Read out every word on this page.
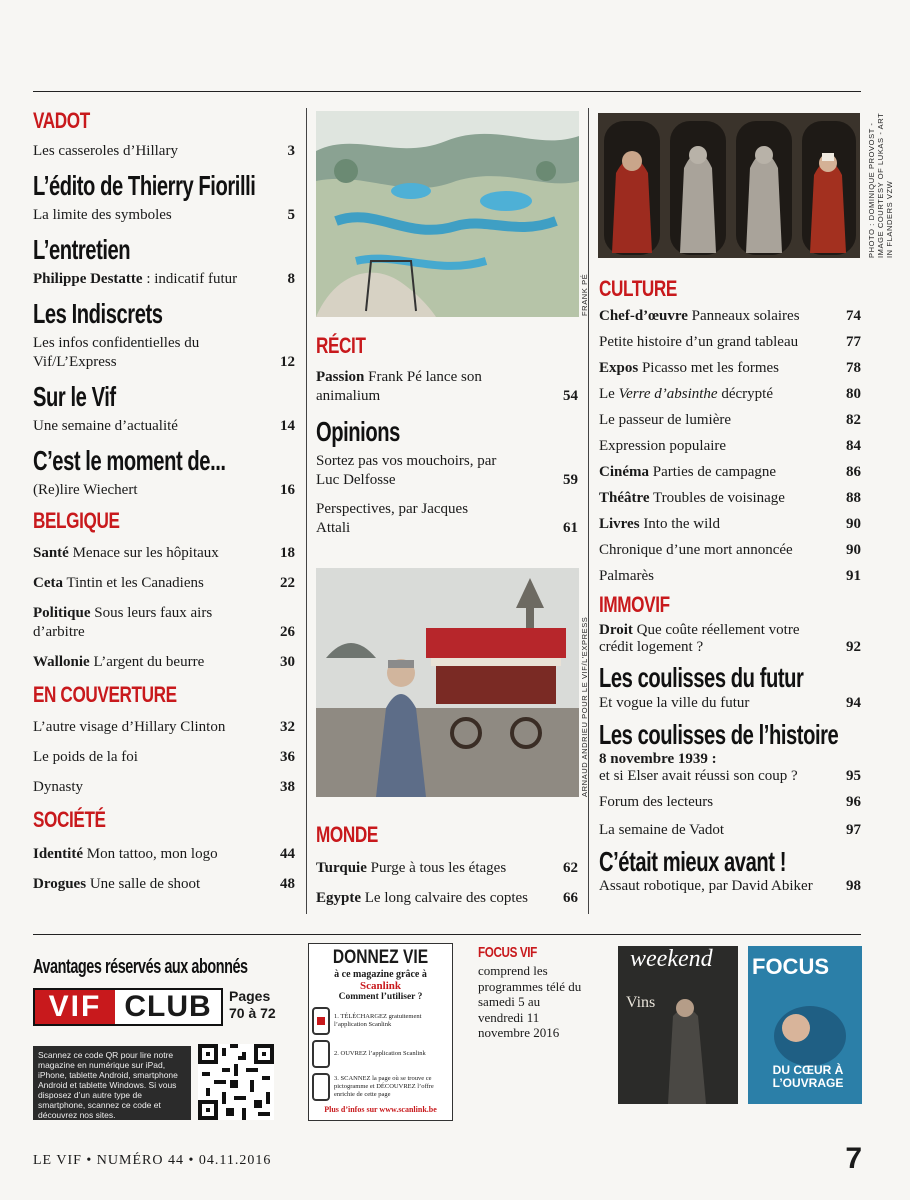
VADOT
Les casseroles d’Hillary	3
L’édito de Thierry Fiorilli
La limite des symboles	5
L’entretien
Philippe Destatte : indicatif futur	8
Les Indiscrets
Les infos confidentielles du Vif/L’Express	12
Sur le Vif
Une semaine d’actualité	14
C’est le moment de...
(Re)lire Wiechert	16
BELGIQUE
Santé Menace sur les hôpitaux	18
Ceta Tintin et les Canadiens	22
Politique Sous leurs faux airs d’arbitre	26
Wallonie L’argent du beurre	30
EN COUVERTURE
L’autre visage d’Hillary Clinton	32
Le poids de la foi	36
Dynasty	38
SOCIÉTÉ
Identité Mon tattoo, mon logo	44
Drogues Une salle de shoot	48
FRANK PÉ
RÉCIT
Passion Frank Pé lance son animalium	54
Opinions
Sortez pas vos mouchoirs, par Luc Delfosse	59
Perspectives, par Jacques Attali	61
ARNAUD ANDRIEU POUR LE VIF/L’EXPRESS
MONDE
Turquie Purge à tous les étages	62
Egypte Le long calvaire des coptes 66
PHOTO : DOMINIQUE PROVOST - IMAGE COURTESY OF LUKAS - ART IN FLANDERS VZW
CULTURE
Chef-d’œuvre Panneaux solaires	74
Petite histoire d’un grand tableau	77
Expos Picasso met les formes	78
Le Verre d’absinthe décrypté	80
Le passeur de lumière	82
Expression populaire	84
Cinéma Parties de campagne	86
Théâtre Troubles de voisinage	88
Livres Into the wild	90
Chronique d’une mort annoncée	90
Palmarès	91
IMMOVIF
Droit Que coûte réellement votre crédit logement ?	92
Les coulisses du futur
Et vogue la ville du futur	94
Les coulisses de l’histoire
8 novembre 1939 :
et si Elser avait réussi son coup ?	95
Forum des lecteurs	96
La semaine de Vadot	97
C’était mieux avant !
Assaut robotique, par David Abiker 98
Avantages réservés aux abonnés
VIF CLUB	Pages 70 à 72
Scannez ce code QR pour lire notre magazine en numérique sur iPad, iPhone, tablette Android, smartphone Android et tablette Windows. Si vous disposez d’un autre type de smartphone, scannez ce code et découvrez nos sites.
DONNEZ VIE
à ce magazine grâce à
Scanlink
Comment l’utiliser ?
1. TÉLÉCHARGEZ gratuitement l’application Scanlink
2. OUVREZ l’application Scanlink
3. SCANNEZ la page où se trouve ce pictogramme et DÉCOUVREZ l’offre enrichie de cette page
Plus d’infos sur www.scanlink.be
FOCUS VIF
comprend les programmes télé du samedi 5 au vendredi 11 novembre 2016
weekend
Vins
FOCUS
DU CŒUR À L’OUVRAGE
LE VIF • NUMÉRO 44 • 04.11.2016	7
